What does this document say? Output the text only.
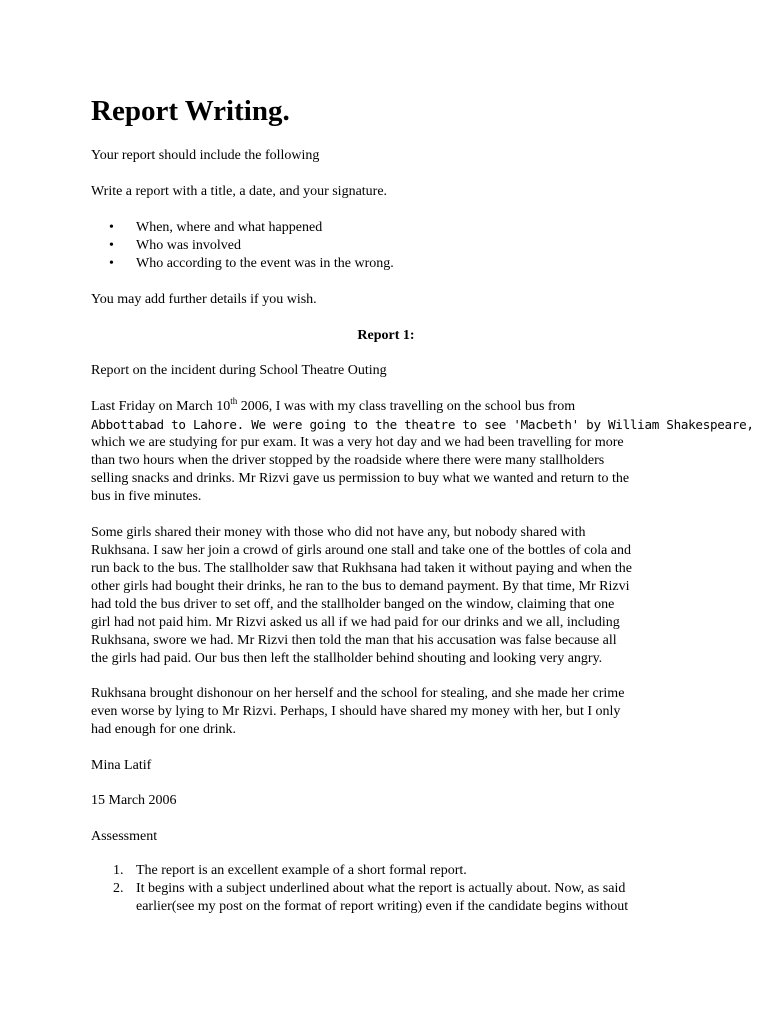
Report Writing.

Your report should include the following

Write a report with a title, a date, and your signature.

• When, where and what happened
• Who was involved
• Who according to the event was in the wrong.

You may add further details if you wish.

Report 1:

Report on the incident during School Theatre Outing

Last Friday on March 10th 2006, I was with my class travelling on the school bus from
Abbottabad to Lahore. We were going to the theatre to see 'Macbeth' by William Shakespeare,
which we are studying for pur exam. It was a very hot day and we had been travelling for more
than two hours when the driver stopped by the roadside where there were many stallholders
selling snacks and drinks. Mr Rizvi gave us permission to buy what we wanted and return to the
bus in five minutes.
Some girls shared their money with those who did not have any, but nobody shared with
Rukhsana. I saw her join a crowd of girls around one stall and take one of the bottles of cola and
run back to the bus. The stallholder saw that Rukhsana had taken it without paying and when the
other girls had bought their drinks, he ran to the bus to demand payment. By that time, Mr Rizvi
had told the bus driver to set off, and the stallholder banged on the window, claiming that one
girl had not paid him. Mr Rizvi asked us all if we had paid for our drinks and we all, including
Rukhsana, swore we had. Mr Rizvi then told the man that his accusation was false because all
the girls had paid. Our bus then left the stallholder behind shouting and looking very angry.
Rukhsana brought dishonour on her herself and the school for stealing, and she made her crime
even worse by lying to Mr Rizvi. Perhaps, I should have shared my money with her, but I only
had enough for one drink.

Mina Latif

15 March 2006

Assessment

1. The report is an excellent example of a short formal report.
2. It begins with a subject underlined about what the report is actually about. Now, as said
earlier(see my post on the format of report writing) even if the candidate begins without
